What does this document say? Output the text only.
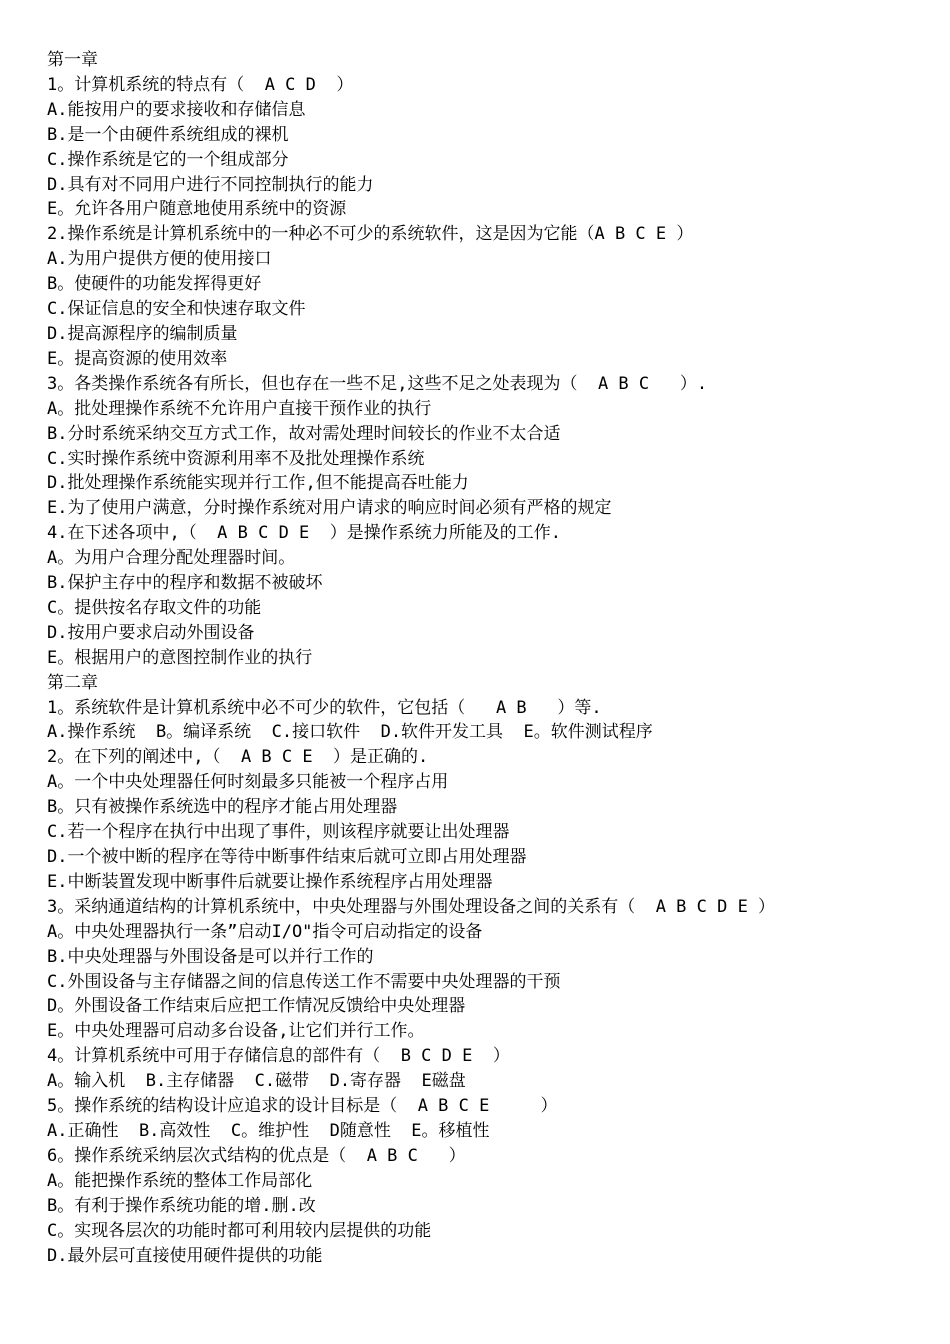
第一章
1。计算机系统的特点有（  A C D  ）
A.能按用户的要求接收和存储信息
B.是一个由硬件系统组成的裸机
C.操作系统是它的一个组成部分
D.具有对不同用户进行不同控制执行的能力
E。允许各用户随意地使用系统中的资源
2.操作系统是计算机系统中的一种必不可少的系统软件，这是因为它能（A B C E ）
A.为用户提供方便的使用接口
B。使硬件的功能发挥得更好
C.保证信息的安全和快速存取文件
D.提高源程序的编制质量
E。提高资源的使用效率
3。各类操作系统各有所长，但也存在一些不足,这些不足之处表现为（  A B C   ）.
A。批处理操作系统不允许用户直接干预作业的执行
B.分时系统采纳交互方式工作，故对需处理时间较长的作业不太合适
C.实时操作系统中资源利用率不及批处理操作系统
D.批处理操作系统能实现并行工作,但不能提高吞吐能力
E.为了使用户满意，分时操作系统对用户请求的响应时间必须有严格的规定
4.在下述各项中,（  A B C D E  ）是操作系统力所能及的工作.
A。为用户合理分配处理器时间。
B.保护主存中的程序和数据不被破坏
C。提供按名存取文件的功能
D.按用户要求启动外围设备
E。根据用户的意图控制作业的执行
第二章
1。系统软件是计算机系统中必不可少的软件，它包括（   A B   ）等.
A.操作系统  B。编译系统  C.接口软件  D.软件开发工具  E。软件测试程序
2。在下列的阐述中,（  A B C E  ）是正确的.
A。一个中央处理器任何时刻最多只能被一个程序占用
B。只有被操作系统选中的程序才能占用处理器
C.若一个程序在执行中出现了事件，则该程序就要让出处理器
D.一个被中断的程序在等待中断事件结束后就可立即占用处理器
E.中断装置发现中断事件后就要让操作系统程序占用处理器
3。采纳通道结构的计算机系统中，中央处理器与外围处理设备之间的关系有（  A B C D E ）
A。中央处理器执行一条”启动I/O"指令可启动指定的设备
B.中央处理器与外围设备是可以并行工作的
C.外围设备与主存储器之间的信息传送工作不需要中央处理器的干预
D。外围设备工作结束后应把工作情况反馈给中央处理器
E。中央处理器可启动多台设备,让它们并行工作。
4。计算机系统中可用于存储信息的部件有（  B C D E  ）
A。输入机  B.主存储器  C.磁带  D.寄存器  E磁盘
5。操作系统的结构设计应追求的设计目标是（  A B C E     ）
A.正确性  B.高效性  C。维护性  D随意性  E。移植性
6。操作系统采纳层次式结构的优点是（  A B C   ）
A。能把操作系统的整体工作局部化
B。有利于操作系统功能的增.删.改
C。实现各层次的功能时都可利用较内层提供的功能
D.最外层可直接使用硬件提供的功能
